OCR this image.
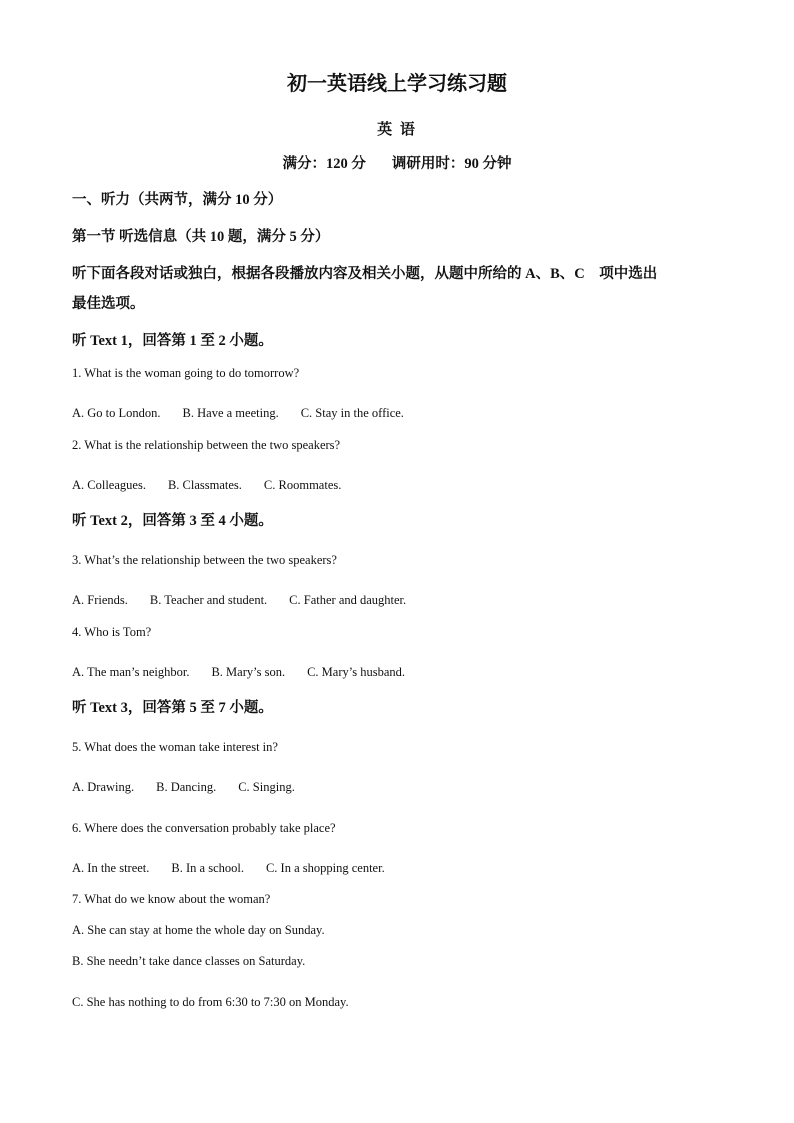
初一英语线上学习练习题
英 语
满分：120 分 调研用时：90 分钟
一、听力（共两节，满分 10 分）
第一节 听选信息（共 10 题，满分 5 分）
听下面各段对话或独白，根据各段播放内容及相关小题，从题中所给的 A、B、C　项中选出
最佳选项。
听 Text 1，回答第 1 至 2 小题。
1. What is the woman going to do tomorrow?
A. Go to London. B. Have a meeting. C. Stay in the office.
2. What is the relationship between the two speakers?
A. Colleagues. B. Classmates. C. Roommates.
听 Text 2，回答第 3 至 4 小题。
3. What’s the relationship between the two speakers?
A. Friends. B. Teacher and student. C. Father and daughter.
4. Who is Tom?
A. The man’s neighbor. B. Mary’s son. C. Mary’s husband.
听 Text 3，回答第 5 至 7 小题。
5. What does the woman take interest in?
A. Drawing. B. Dancing. C. Singing.
6. Where does the conversation probably take place?
A. In the street. B. In a school. C. In a shopping center.
7. What do we know about the woman?
A. She can stay at home the whole day on Sunday.
B. She needn’t take dance classes on Saturday.
C. She has nothing to do from 6:30 to 7:30 on Monday.
